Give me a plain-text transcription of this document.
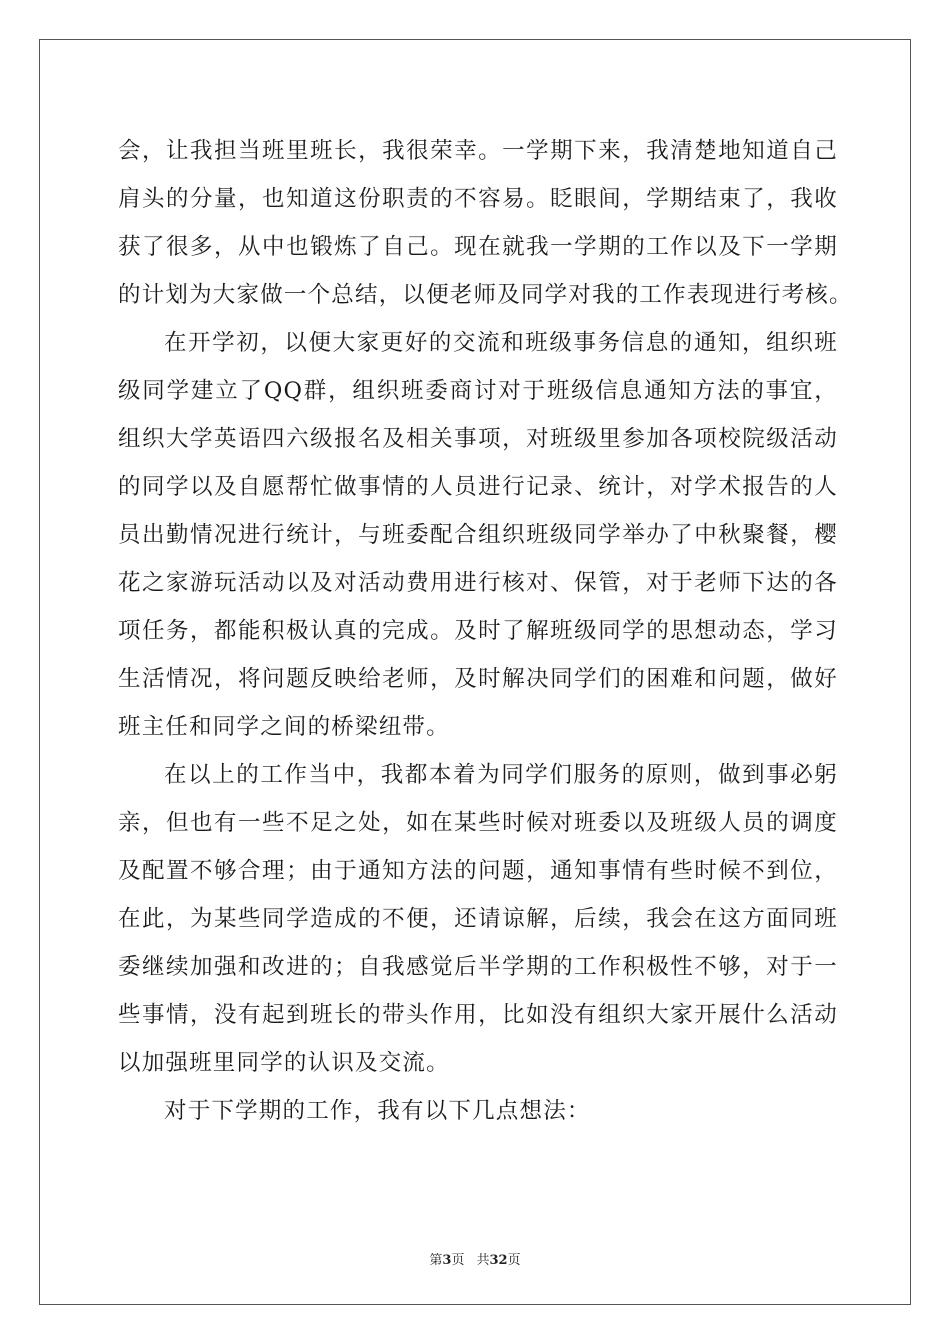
会，让我担当班里班长，我很荣幸。一学期下来，我清楚地知道自己
肩头的分量，也知道这份职责的不容易。眨眼间，学期结束了，我收
获了很多，从中也锻炼了自己。现在就我一学期的工作以及下一学期
的计划为大家做一个总结，以便老师及同学对我的工作表现进行考核。
在开学初，以便大家更好的交流和班级事务信息的通知，组织班
级同学建立了QQ群，组织班委商讨对于班级信息通知方法的事宜，
组织大学英语四六级报名及相关事项，对班级里参加各项校院级活动
的同学以及自愿帮忙做事情的人员进行记录、统计，对学术报告的人
员出勤情况进行统计，与班委配合组织班级同学举办了中秋聚餐，樱
花之家游玩活动以及对活动费用进行核对、保管，对于老师下达的各
项任务，都能积极认真的完成。及时了解班级同学的思想动态，学习
生活情况，将问题反映给老师，及时解决同学们的困难和问题，做好
班主任和同学之间的桥梁纽带。
在以上的工作当中，我都本着为同学们服务的原则，做到事必躬
亲，但也有一些不足之处，如在某些时候对班委以及班级人员的调度
及配置不够合理；由于通知方法的问题，通知事情有些时候不到位，
在此，为某些同学造成的不便，还请谅解，后续，我会在这方面同班
委继续加强和改进的；自我感觉后半学期的工作积极性不够，对于一
些事情，没有起到班长的带头作用，比如没有组织大家开展什么活动
以加强班里同学的认识及交流。
对于下学期的工作，我有以下几点想法：
第3页 共32页
